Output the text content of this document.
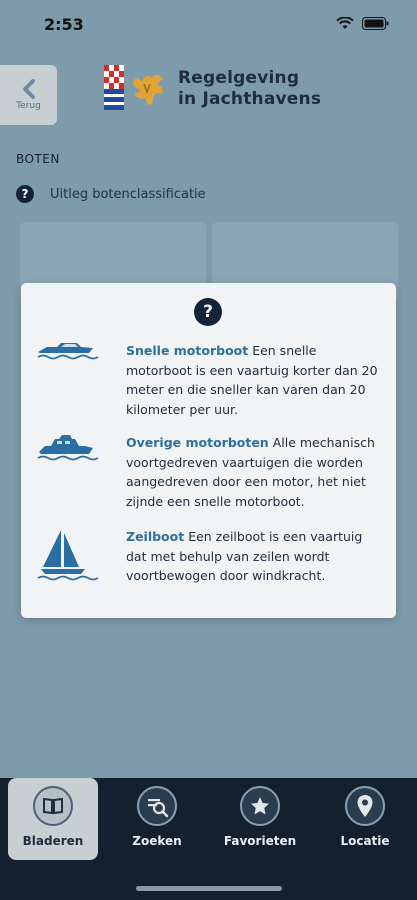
2:53
Terug
Regelgeving
in Jachthavens
BOTEN
?	Uitleg botenclassificatie
?
Snelle motorboot Een snelle motorboot is een vaartuig korter dan 20 meter en die sneller kan varen dan 20 kilometer per uur.
Overige motorboten Alle mechanisch voortgedreven vaartuigen die worden aangedreven door een motor, het niet zijnde een snelle motorboot.
Zeilboot Een zeilboot is een vaartuig dat met behulp van zeilen wordt voortbewogen door windkracht.
Bladeren	Zoeken	Favorieten	Locatie
